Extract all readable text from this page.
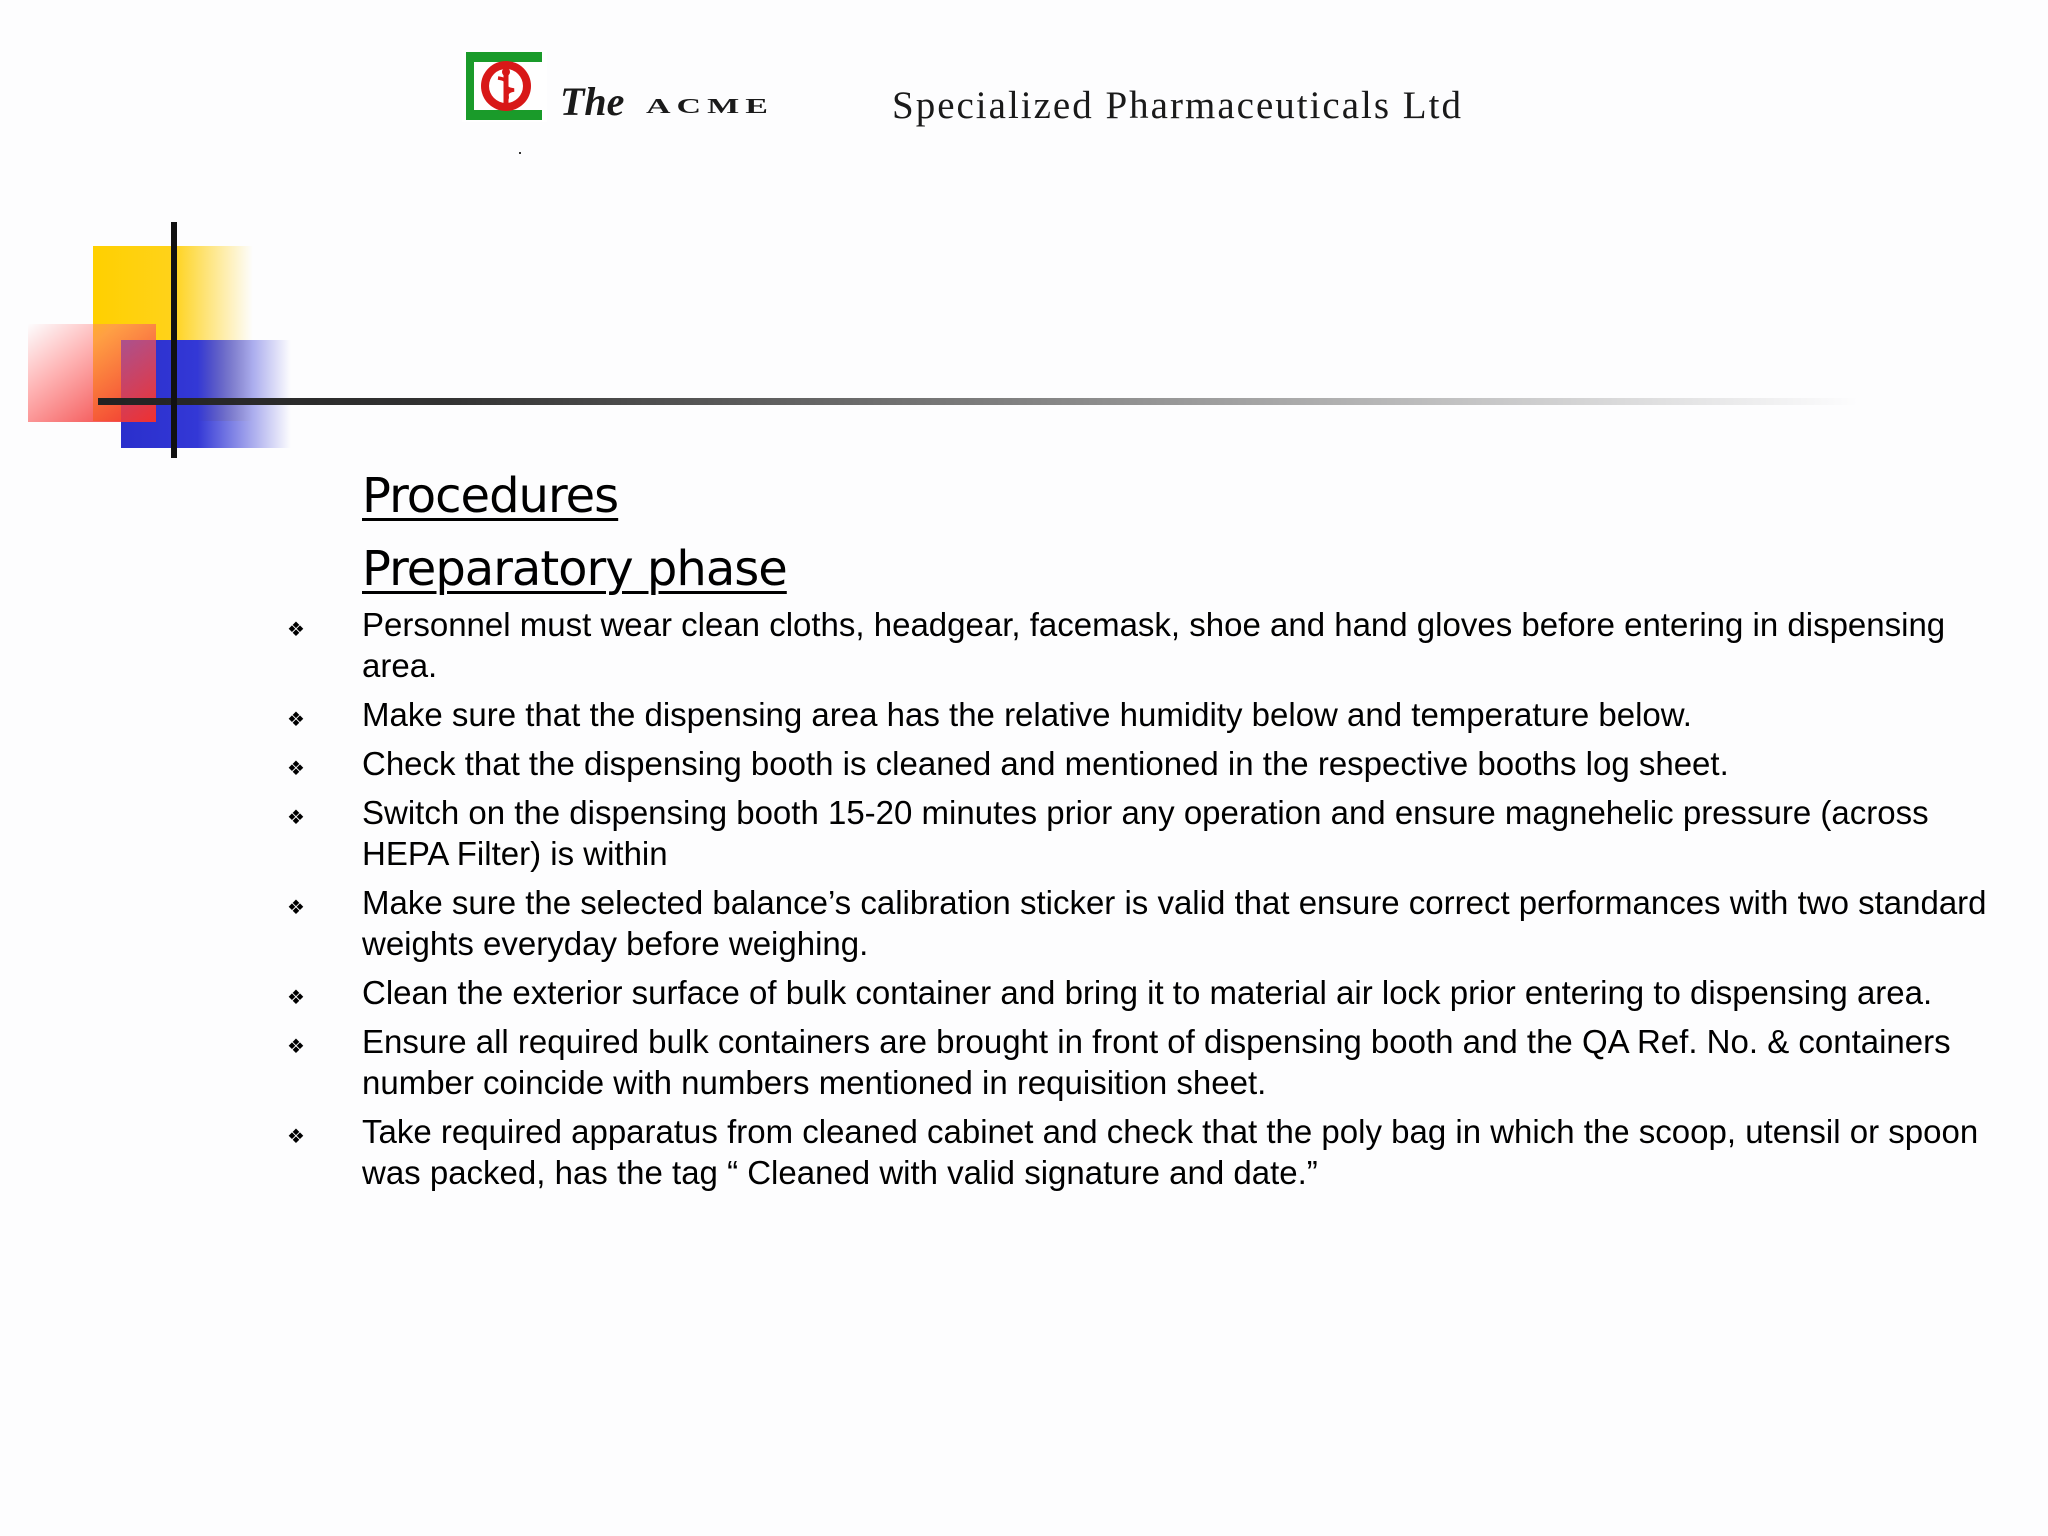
The ACME	Specialized Pharmaceuticals Ltd
Procedures
Preparatory phase
❖ Personnel must wear clean cloths, headgear, facemask, shoe and hand gloves before entering in dispensing area.
❖ Make sure that the dispensing area has the relative humidity below and temperature below.
❖ Check that the dispensing booth is cleaned and mentioned in the respective booths log sheet.
❖ Switch on the dispensing booth 15-20 minutes prior any operation and ensure magnehelic pressure (across HEPA Filter) is within
❖ Make sure the selected balance’s calibration sticker is valid that ensure correct performances with two standard weights everyday before weighing.
❖ Clean the exterior surface of bulk container and bring it to material air lock prior entering to dispensing area.
❖ Ensure all required bulk containers are brought in front of dispensing booth and the QA Ref. No. & containers number coincide with numbers mentioned in requisition sheet.
❖ Take required apparatus from cleaned cabinet and check that the poly bag in which the scoop, utensil or spoon was packed, has the tag “ Cleaned with valid signature and date.”
